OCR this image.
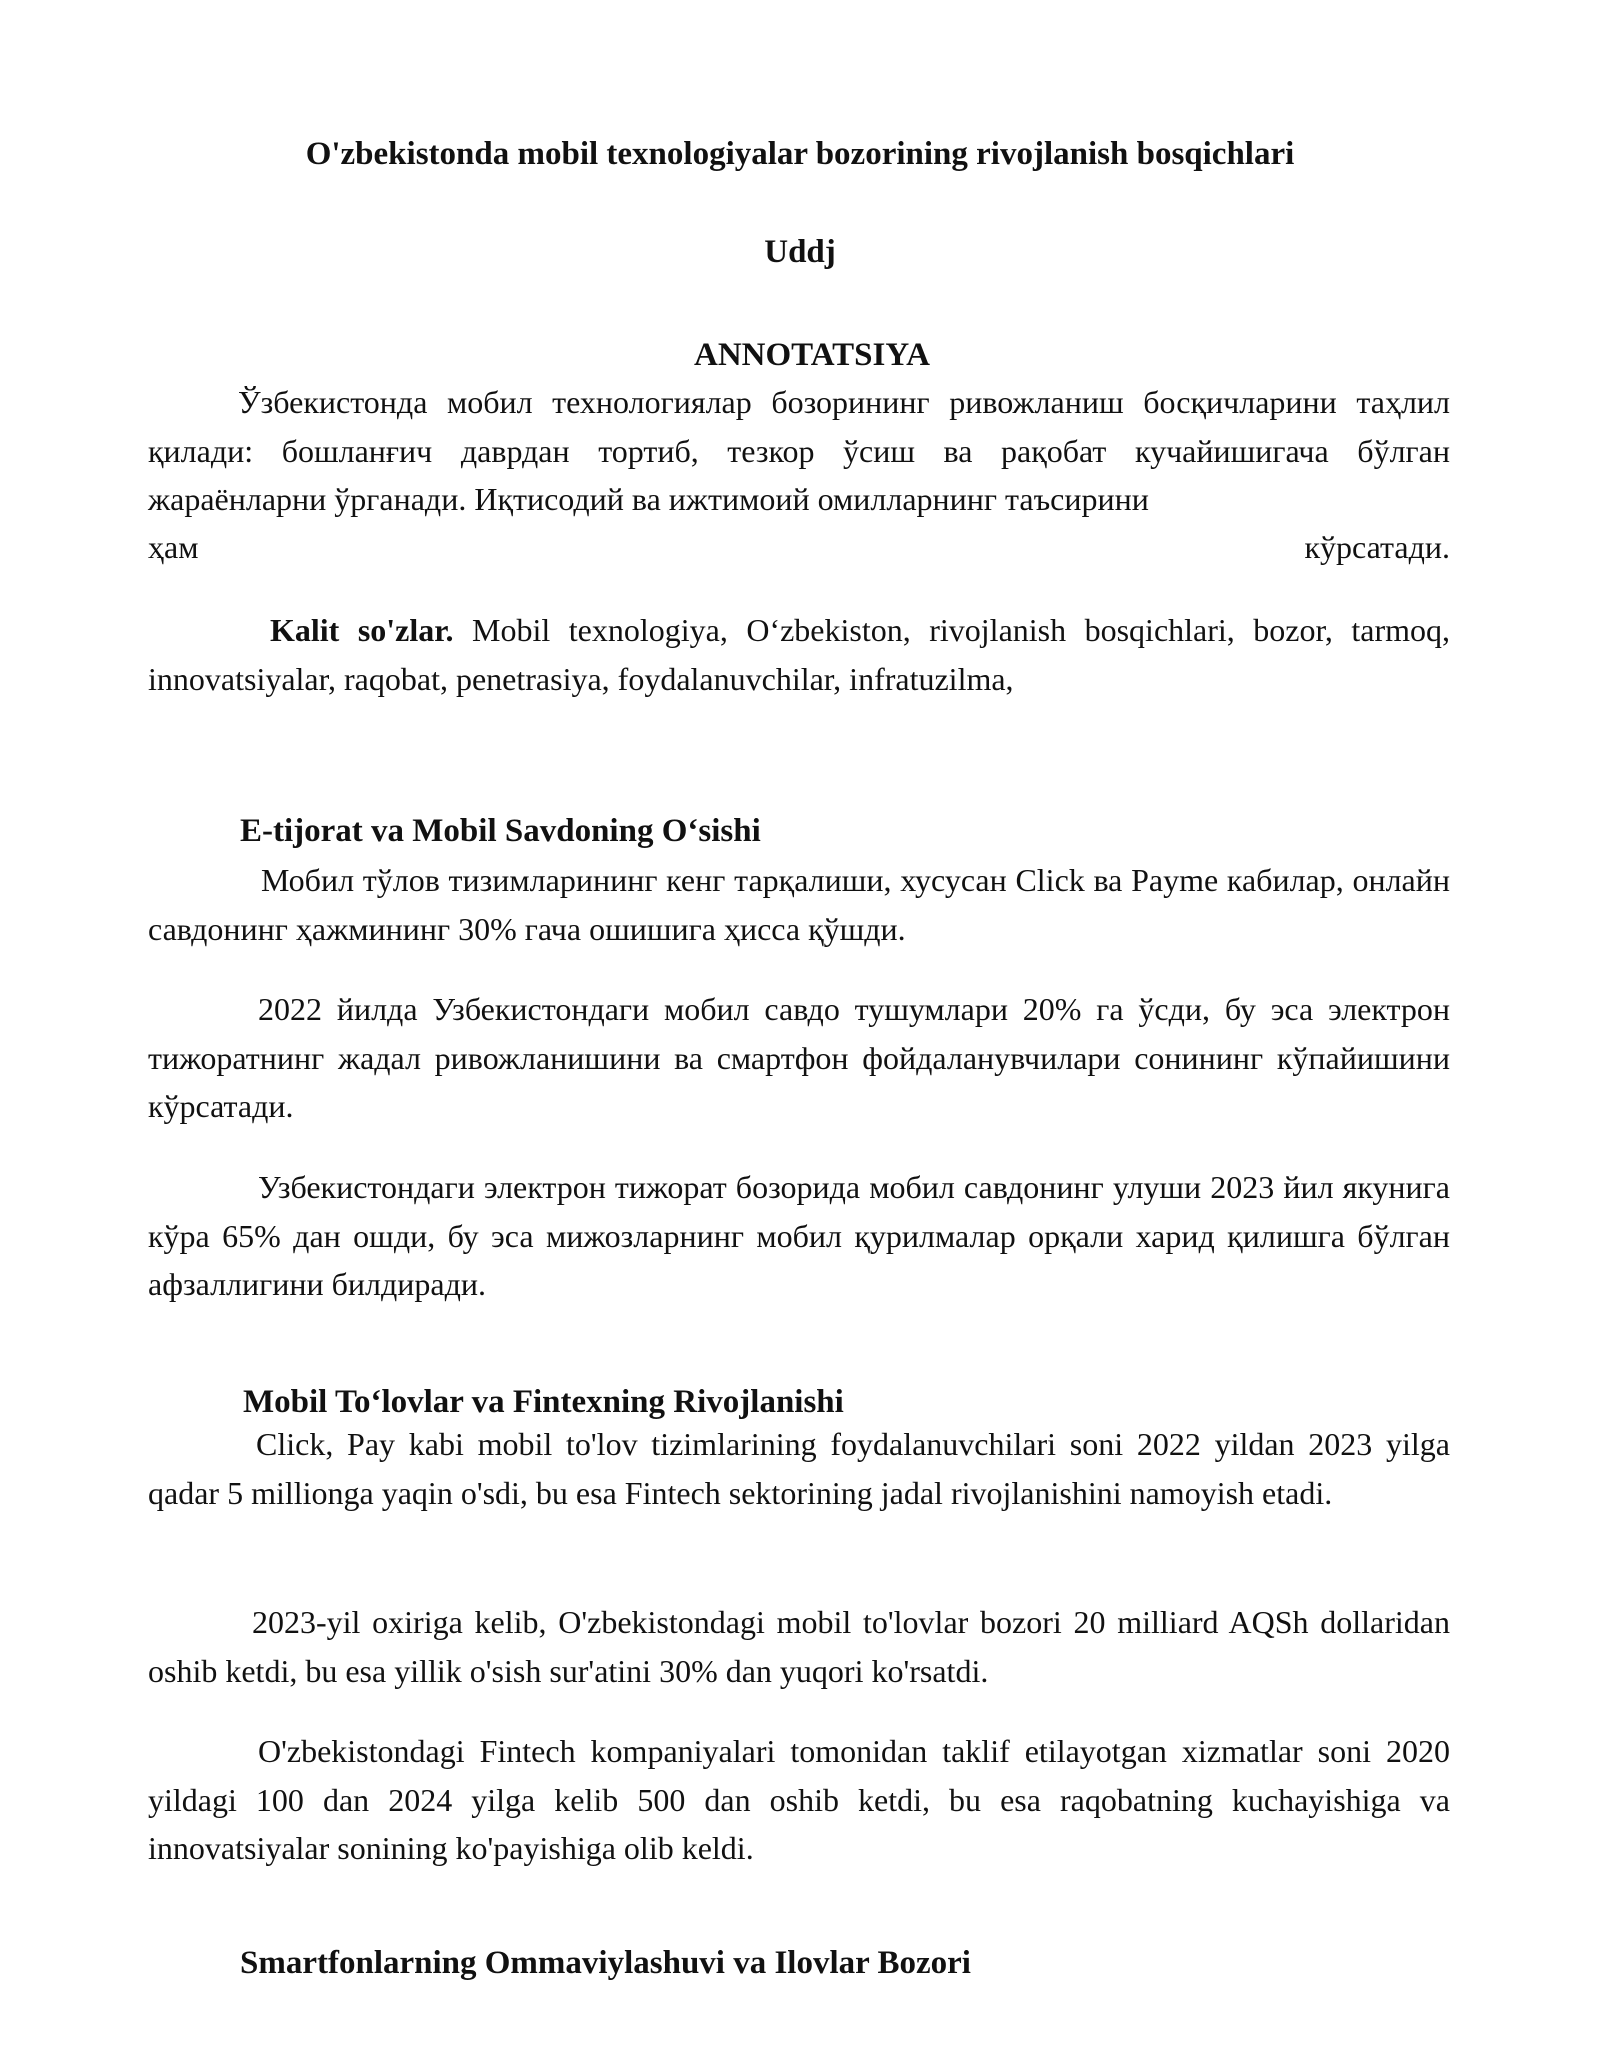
O'zbekistonda mobil texnologiyalar bozorining rivojlanish bosqichlari

Uddj

ANNOTATSIYA

Ўзбекистонда мобил технологиялар бозорининг ривожланиш босқичларини таҳлил қилади: бошланғич даврдан тортиб, тезкор ўсиш ва рақобат кучайишигача бўлган жараёнларни ўрганади. Иқтисодий ва ижтимоий омилларнинг таъсирини

ҳам	кўрсатади.

Kalit so'zlar. Mobil texnologiya, O‘zbekiston, rivojlanish bosqichlari, bozor, tarmoq, innovatsiyalar, raqobat, penetrasiya, foydalanuvchilar, infratuzilma,

E-tijorat va Mobil Savdoning O‘sishi

Мобил тўлов тизимларининг кенг тарқалиши, хусусан Click ва Payme кабилар, онлайн савдонинг ҳажмининг 30% гача ошишига ҳисса қўшди.

2022 йилда Узбекистондаги мобил савдо тушумлари 20% га ўсди, бу эса электрон тижоратнинг жадал ривожланишини ва смартфон фойдаланувчилари сонининг кўпайишини кўрсатади.

Узбекистондаги электрон тижорат бозорида мобил савдонинг улуши 2023 йил якунига кўра 65% дан ошди, бу эса мижозларнинг мобил қурилмалар орқали харид қилишга бўлган афзаллигини билдиради.

Mobil To‘lovlar va Fintexning Rivojlanishi

Click, Pay kabi mobil to'lov tizimlarining foydalanuvchilari soni 2022 yildan 2023 yilga qadar 5 millionga yaqin o'sdi, bu esa Fintech sektorining jadal rivojlanishini namoyish etadi.

2023-yil oxiriga kelib, O'zbekistondagi mobil to'lovlar bozori 20 milliard AQSh dollaridan oshib ketdi, bu esa yillik o'sish sur'atini 30% dan yuqori ko'rsatdi.

O'zbekistondagi Fintech kompaniyalari tomonidan taklif etilayotgan xizmatlar soni 2020 yildagi 100 dan 2024 yilga kelib 500 dan oshib ketdi, bu esa raqobatning kuchayishiga va innovatsiyalar sonining ko'payishiga olib keldi.

Smartfonlarning Ommaviylashuvi va Ilovlar Bozori
